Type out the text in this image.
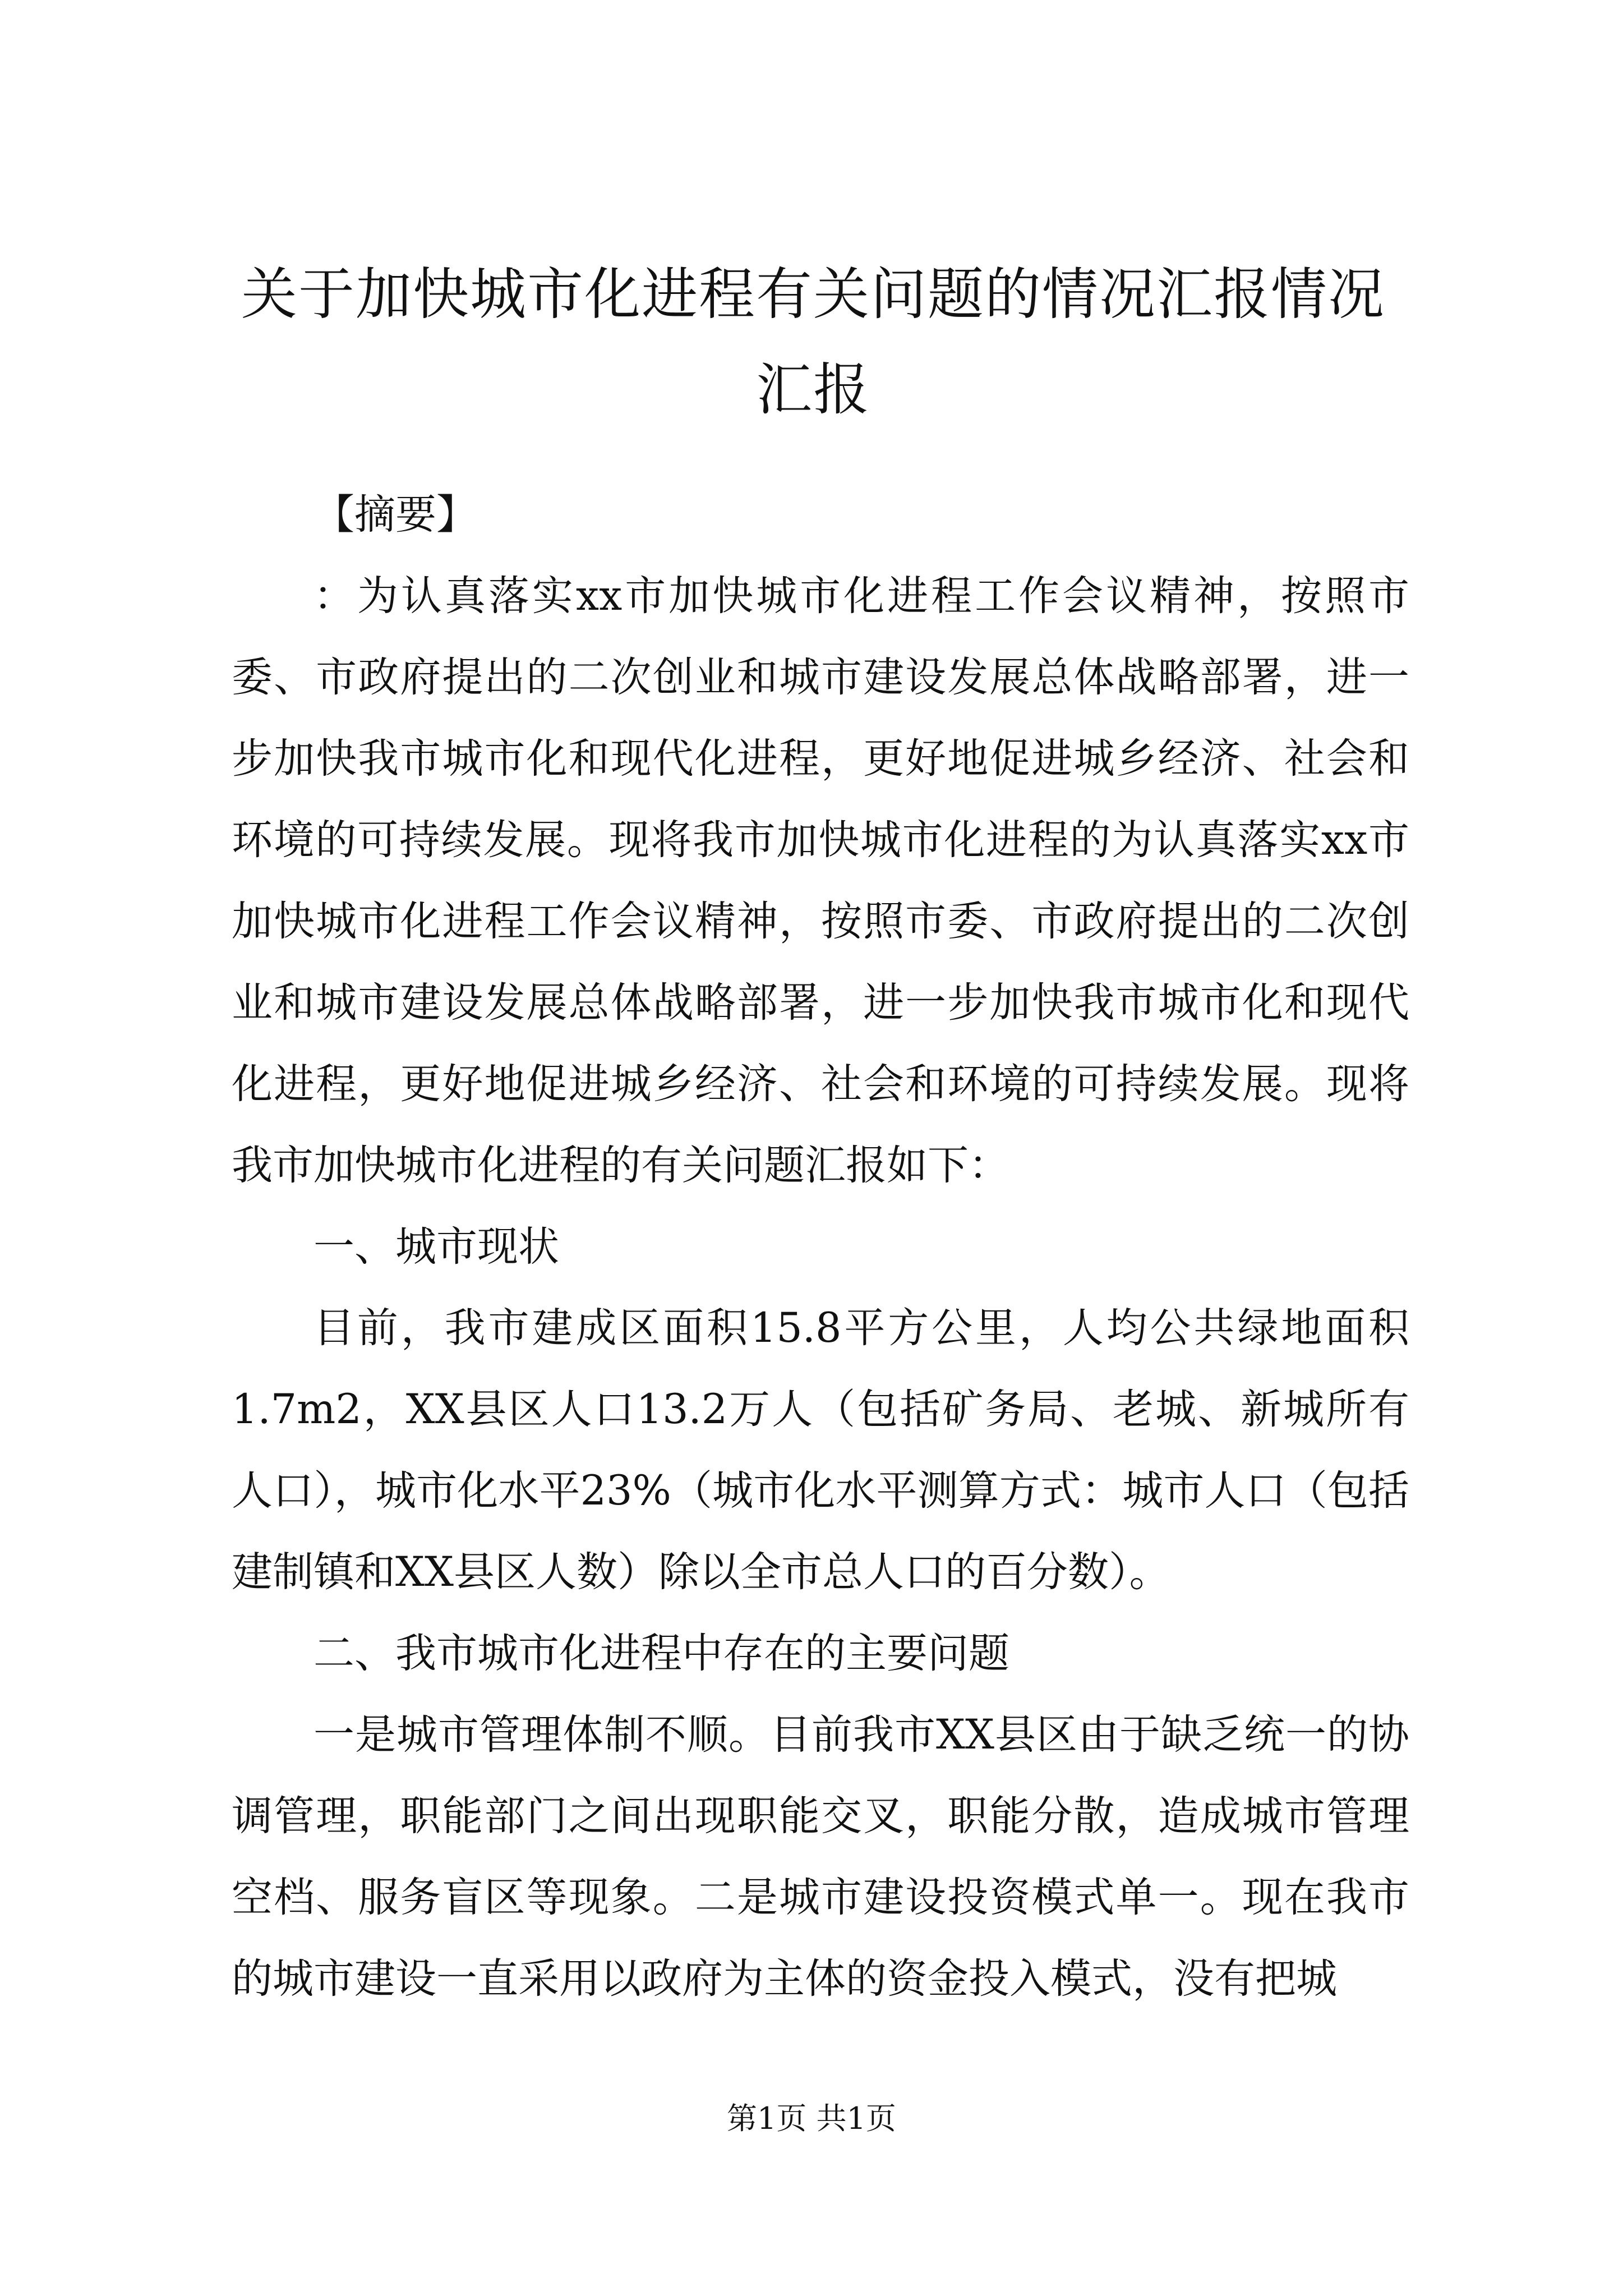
关于加快城市化进程有关问题的情况汇报情况汇报

【摘要】

：为认真落实xx市加快城市化进程工作会议精神，按照市委、市政府提出的二次创业和城市建设发展总体战略部署，进一步加快我市城市化和现代化进程，更好地促进城乡经济、社会和环境的可持续发展。现将我市加快城市化进程的为认真落实xx市加快城市化进程工作会议精神，按照市委、市政府提出的二次创业和城市建设发展总体战略部署，进一步加快我市城市化和现代化进程，更好地促进城乡经济、社会和环境的可持续发展。现将我市加快城市化进程的有关问题汇报如下：

一、城市现状

目前，我市建成区面积15.8平方公里，人均公共绿地面积1.7m2，XX县区人口13.2万人（包括矿务局、老城、新城所有人口），城市化水平23%（城市化水平测算方式：城市人口（包括建制镇和XX县区人数）除以全市总人口的百分数）。

二、我市城市化进程中存在的主要问题

一是城市管理体制不顺。目前我市XX县区由于缺乏统一的协调管理，职能部门之间出现职能交叉，职能分散，造成城市管理空档、服务盲区等现象。二是城市建设投资模式单一。现在我市的城市建设一直采用以政府为主体的资金投入模式，没有把城

第1页 共1页
